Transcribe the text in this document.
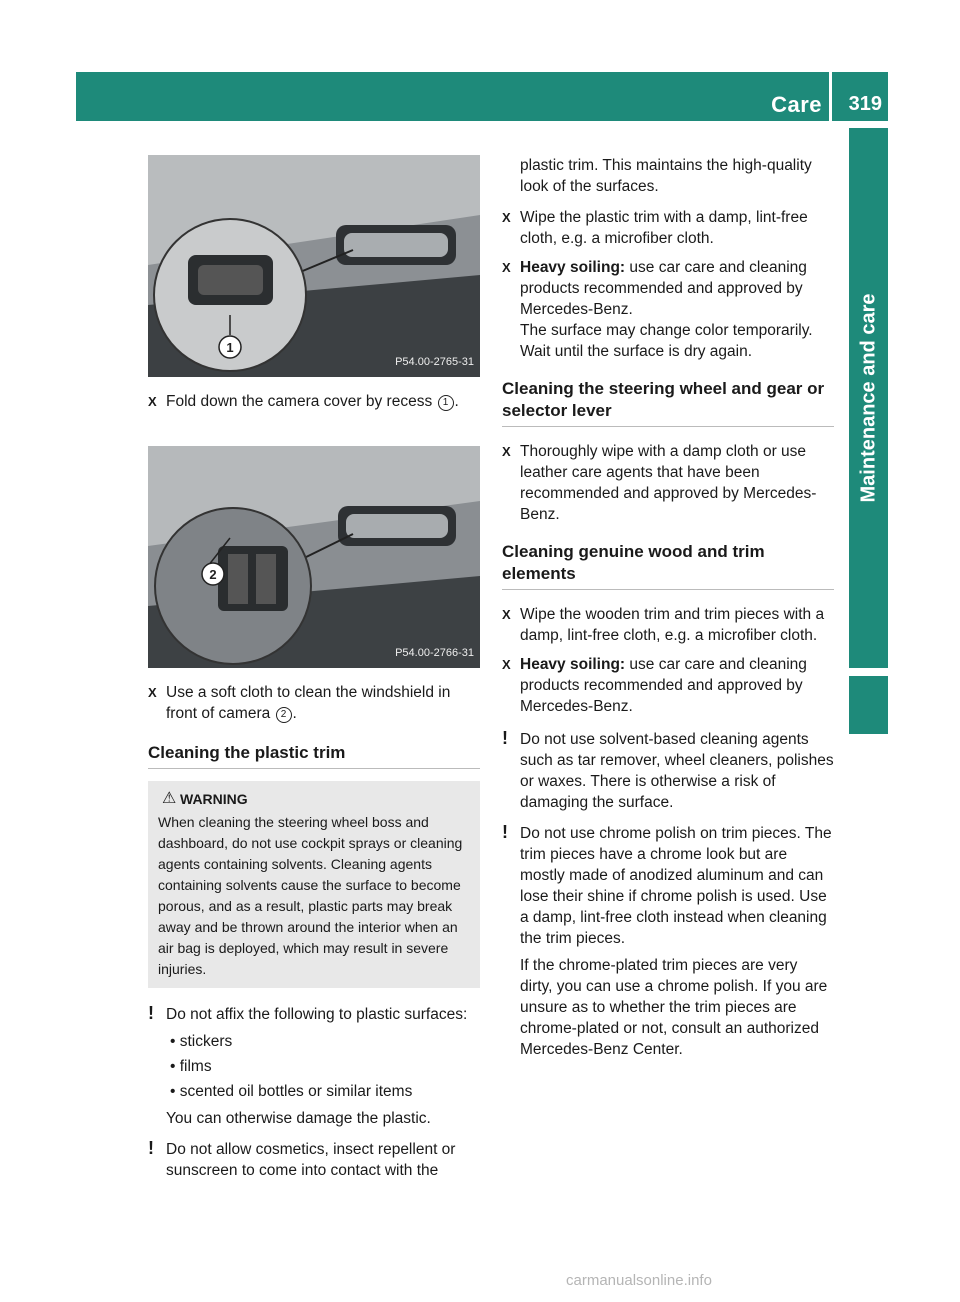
Care 319
Maintenance and care
1
P54.00-2765-31
X Fold down the camera cover by recess 1 .
2
P54.00-2766-31
X Use a soft cloth to clean the windshield in front of camera 2 .
Cleaning the plastic trim
⚠ WARNING
When cleaning the steering wheel boss and dashboard, do not use cockpit sprays or cleaning agents containing solvents. Cleaning agents containing solvents cause the surface to become porous, and as a result, plastic parts may break away and be thrown around the interior when an air bag is deployed, which may result in severe injuries.
! Do not affix the following to plastic surfaces:
• stickers
• films
• scented oil bottles or similar items
You can otherwise damage the plastic.
! Do not allow cosmetics, insect repellent or sunscreen to come into contact with the
plastic trim. This maintains the high-quality look of the surfaces.
X Wipe the plastic trim with a damp, lint-free cloth, e.g. a microfiber cloth.
X Heavy soiling: use car care and cleaning products recommended and approved by Mercedes-Benz.
The surface may change color temporarily. Wait until the surface is dry again.
Cleaning the steering wheel and gear or selector lever
X Thoroughly wipe with a damp cloth or use leather care agents that have been recommended and approved by Mercedes-Benz.
Cleaning genuine wood and trim elements
X Wipe the wooden trim and trim pieces with a damp, lint-free cloth, e.g. a microfiber cloth.
X Heavy soiling: use car care and cleaning products recommended and approved by Mercedes-Benz.
! Do not use solvent-based cleaning agents such as tar remover, wheel cleaners, polishes or waxes. There is otherwise a risk of damaging the surface.
! Do not use chrome polish on trim pieces. The trim pieces have a chrome look but are mostly made of anodized aluminum and can lose their shine if chrome polish is used. Use a damp, lint-free cloth instead when cleaning the trim pieces.

If the chrome-plated trim pieces are very dirty, you can use a chrome polish. If you are unsure as to whether the trim pieces are chrome-plated or not, consult an authorized Mercedes-Benz Center.

carmanualsonline.info
